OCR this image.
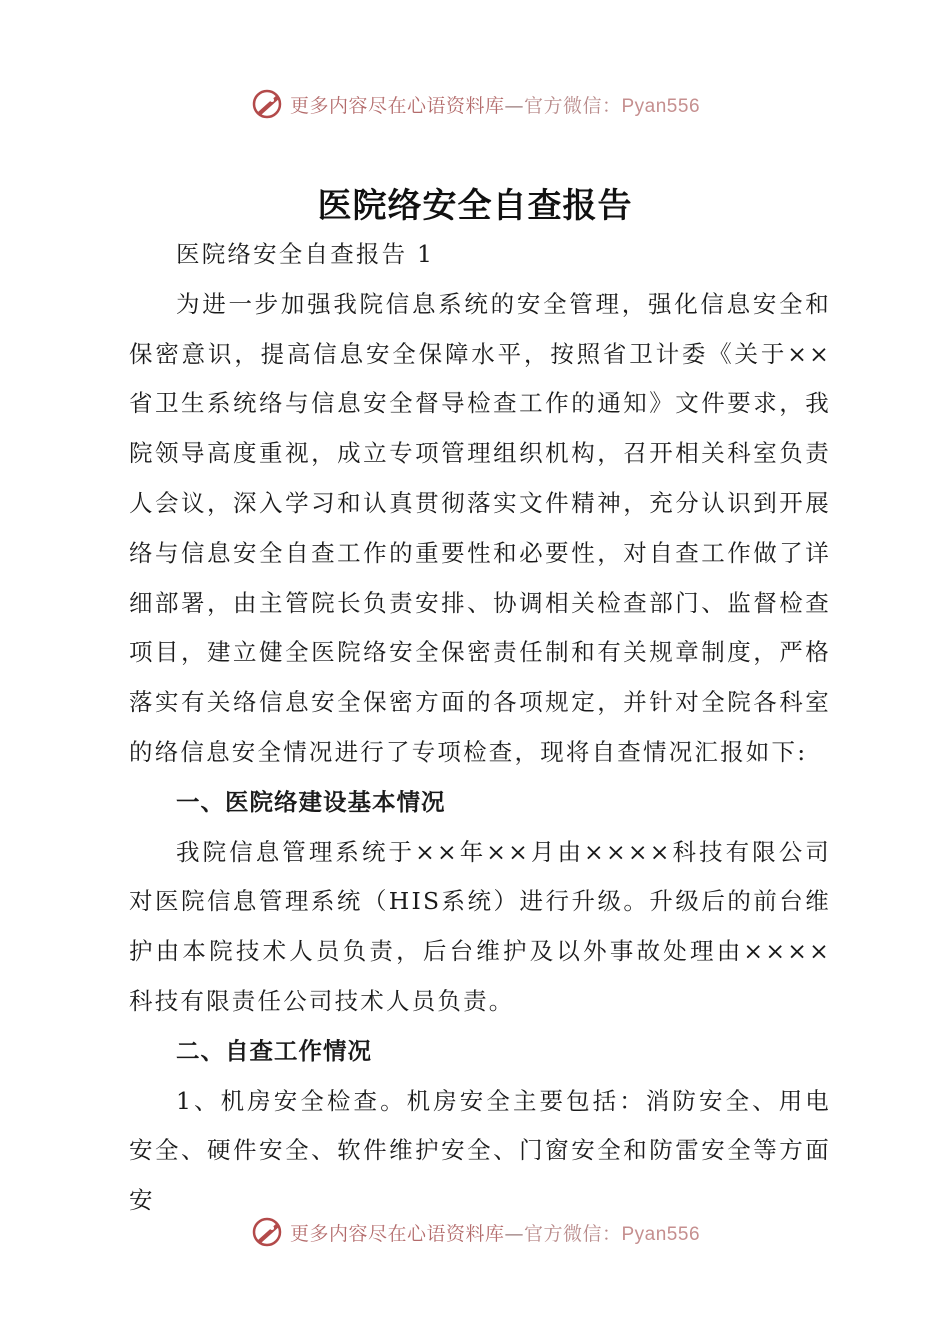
更多内容尽在心语资料库—官方微信：Pyan556
医院络安全自查报告

医院络安全自查报告 1

为进一步加强我院信息系统的安全管理，强化信息安全和保密意识，提高信息安全保障水平，按照省卫计委《关于××省卫生系统络与信息安全督导检查工作的通知》文件要求，我院领导高度重视，成立专项管理组织机构，召开相关科室负责人会议，深入学习和认真贯彻落实文件精神，充分认识到开展络与信息安全自查工作的重要性和必要性，对自查工作做了详细部署，由主管院长负责安排、协调相关检查部门、监督检查项目，建立健全医院络安全保密责任制和有关规章制度，严格落实有关络信息安全保密方面的各项规定，并针对全院各科室的络信息安全情况进行了专项检查，现将自查情况汇报如下:

一、医院络建设基本情况

我院信息管理系统于××年××月由××××科技有限公司对医院信息管理系统（HIS系统）进行升级。升级后的前台维护由本院技术人员负责，后台维护及以外事故处理由××××科技有限责任公司技术人员负责。

二、自查工作情况

1、机房安全检查。机房安全主要包括：消防安全、用电安全、硬件安全、软件维护安全、门窗安全和防雷安全等方面安

更多内容尽在心语资料库—官方微信：Pyan556
